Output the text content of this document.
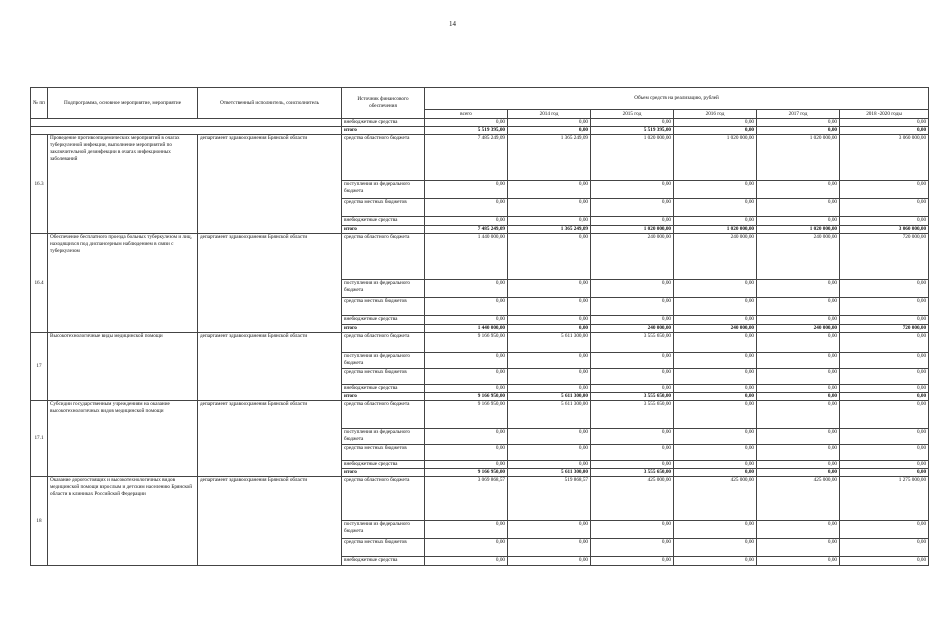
14
№ пп	Подпрограмма, основное мероприятие, мероприятие	Ответственный исполнитель, соисполнитель	Источник финансового обеспечения	Объем средств на реализацию, рублей					
				всего	2014 год	2015 год	2016 год	2017 год	2018 -2020 годы
			внебюджетные средства	0,00	0,00	0,00	0,00	0,00	0,00
			итого	5 519 395,00	0,00	5 519 395,00	0,00	0,00	0,00
16.3	Проведение противоэпидемических мероприятий в очагах туберкулезной инфекции, выполнение мероприятий по заключительной дезинфекции в очагах инфекционных заболеваний	департамент здравоохранения Брянской области	средства областного бюджета	7 485 249,09	1 365 249,09	1 020 000,00	1 020 000,00	1 020 000,00	3 060 000,00
			поступления из федерального бюджета	0,00	0,00	0,00	0,00	0,00	0,00
			средства местных бюджетов	0,00	0,00	0,00	0,00	0,00	0,00
			внебюджетные средства	0,00	0,00	0,00	0,00	0,00	0,00
			итого	7 485 249,09	1 365 249,09	1 020 000,00	1 020 000,00	1 020 000,00	3 060 000,00
16.4	Обеспечение бесплатного проезда больных туберкулезом и лиц, находящихся под диспансерным наблюдением в связи с туберкулезом	департамент здравоохранения Брянской области	средства областного бюджета	1 440 000,00	0,00	240 000,00	240 000,00	240 000,00	720 000,00
			поступления из федерального бюджета	0,00	0,00	0,00	0,00	0,00	0,00
			средства местных бюджетов	0,00	0,00	0,00	0,00	0,00	0,00
			внебюджетные средства	0,00	0,00	0,00	0,00	0,00	0,00
			итого	1 440 000,00	0,00	240 000,00	240 000,00	240 000,00	720 000,00
17	Высокотехнологичные виды медицинской помощи	департамент здравоохранения Брянской области	средства областного бюджета	9 166 950,00	5 611 300,00	3 555 650,00	0,00	0,00	0,00
			поступления из федерального бюджета	0,00	0,00	0,00	0,00	0,00	0,00
			средства местных бюджетов	0,00	0,00	0,00	0,00	0,00	0,00
			внебюджетные средства	0,00	0,00	0,00	0,00	0,00	0,00
			итого	9 166 950,00	5 611 300,00	3 555 650,00	0,00	0,00	0,00
17.1	Субсидии государственным учреждениям на оказание высокотехнологичных видов медицинской помощи	департамент здравоохранения Брянской области	средства областного бюджета	9 166 950,00	5 611 300,00	3 555 650,00	0,00	0,00	0,00
			поступления из федерального бюджета	0,00	0,00	0,00	0,00	0,00	0,00
			средства местных бюджетов	0,00	0,00	0,00	0,00	0,00	0,00
			внебюджетные средства	0,00	0,00	0,00	0,00	0,00	0,00
			итого	9 166 950,00	5 611 300,00	3 555 650,00	0,00	0,00	0,00
18	Оказание дорогостоящих и высокотехнологичных видов медицинской помощи взрослым и детским населению Брянской области в клиниках Российской Федерации	департамент здравоохранения Брянской области	средства областного бюджета	3 069 868,57	519 868,57	425 000,00	425 000,00	425 000,00	1 275 000,00
			поступления из федерального бюджета	0,00	0,00	0,00	0,00	0,00	0,00
			средства местных бюджетов	0,00	0,00	0,00	0,00	0,00	0,00
			внебюджетные средства	0,00	0,00	0,00	0,00	0,00	0,00
